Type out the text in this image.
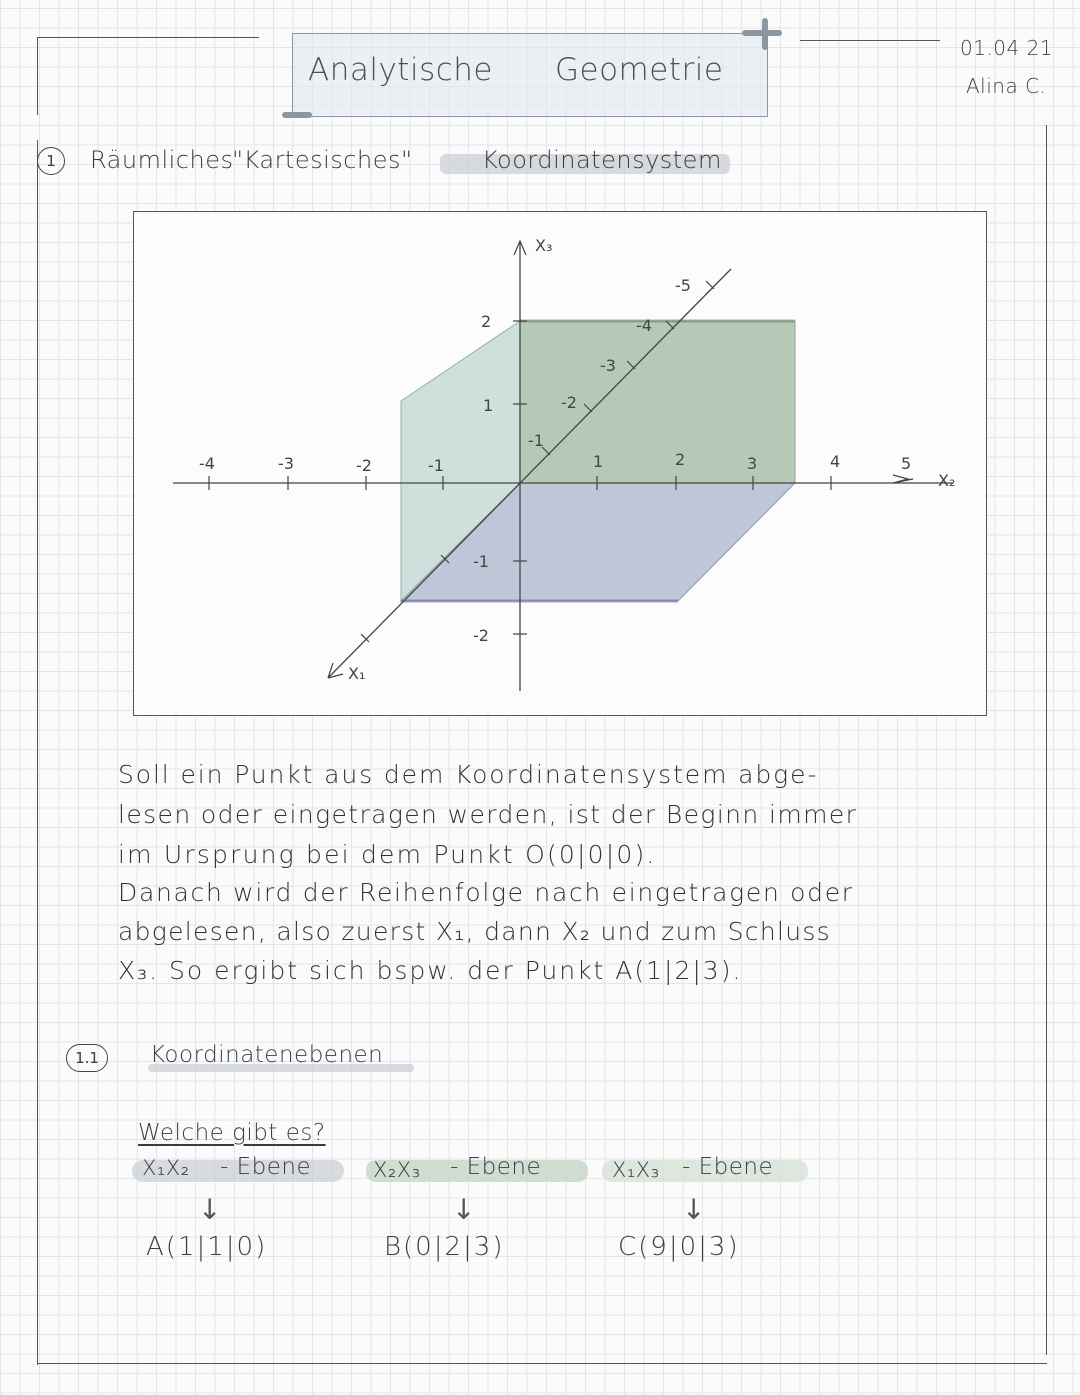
Analytische Geometrie
01.04 21
Alina C.
1	Räumliches
"Kartesisches"	Koordinatensystem
-4	-3	-2	-1	1	2	3	4	5
X₂
X₃
2
1
-1
-2
-1
-2
-3
-4
-5
X₁
Soll ein Punkt aus dem Koordinatensystem abge-
lesen oder eingetragen werden, ist der Beginn immer
im Ursprung bei dem Punkt O(0|0|0).
Danach wird der Reihenfolge nach eingetragen oder
abgelesen, also zuerst X₁, dann X₂ und zum Schluss
X₃. So ergibt sich bspw. der Punkt A(1|2|3).
1.1	Koordinatenebenen
Welche gibt es?
X₁X₂ - Ebene	X₂X₃ - Ebene	X₁X₃ - Ebene
↓	↓	↓
A(1|1|0)	B(0|2|3)	C(9|0|3)
